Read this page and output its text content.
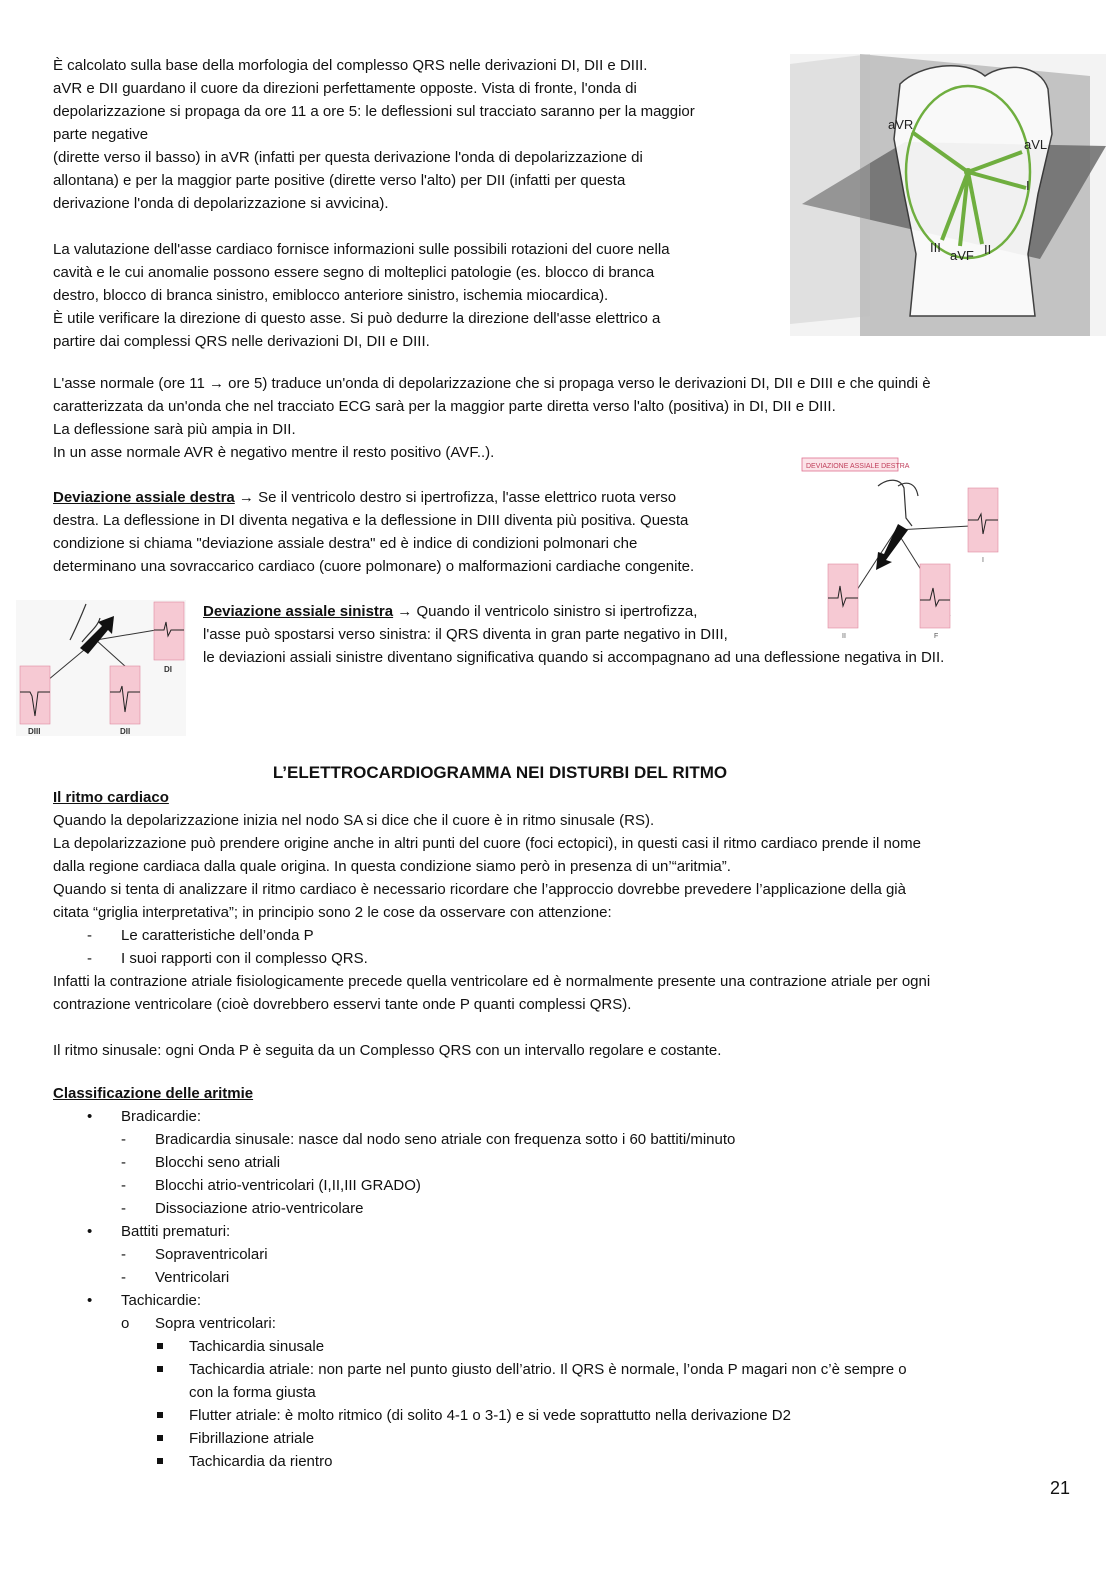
È calcolato sulla base della morfologia del complesso QRS nelle derivazioni DI, DII e DIII.

aVR e DII guardano il cuore da direzioni perfettamente opposte. Vista di fronte, l'onda di

depolarizzazione si propaga da ore 11 a ore 5: le deflessioni sul tracciato saranno per la maggior

parte negative

(dirette verso il basso) in aVR (infatti per questa derivazione l'onda di depolarizzazione di

allontana) e per la maggior parte positive (dirette verso l'alto) per DII (infatti per questa

derivazione l'onda di depolarizzazione si avvicina).

La valutazione dell'asse cardiaco fornisce informazioni sulle possibili rotazioni del cuore nella

cavità e le cui anomalie possono essere segno di molteplici patologie (es. blocco di branca

destro, blocco di branca sinistro, emiblocco anteriore sinistro, ischemia miocardica).

È utile verificare la direzione di questo asse. Si può dedurre la direzione dell'asse elettrico a

partire dai complessi QRS nelle derivazioni DI, DII e DIII.

aVR
aVL
I
III
aVF II

L'asse normale (ore 11 → ore 5) traduce un'onda di depolarizzazione che si propaga verso le derivazioni DI, DII e DIII e che quindi è

caratterizzata da un'onda che nel tracciato ECG sarà per la maggior parte diretta verso l'alto (positiva) in DI, DII e DIII.

La deflessione sarà più ampia in DII.

In un asse normale AVR è negativo mentre il resto positivo (AVF..).

Deviazione assiale destra → Se il ventricolo destro si ipertrofizza, l'asse elettrico ruota verso

destra. La deflessione in DI diventa negativa e la deflessione in DIII diventa più positiva. Questa

condizione si chiama "deviazione assiale destra" ed è indice di condizioni polmonari che

determinano una sovraccarico cardiaco (cuore polmonare) o malformazioni cardiache congenite.

DEVIAZIONE ASSIALE DESTRA
I
II	F
DI
DIII	DII

Deviazione assiale sinistra → Quando il ventricolo sinistro si ipertrofizza,

l'asse può spostarsi verso sinistra: il QRS diventa in gran parte negativo in DIII,

le deviazioni assiali sinistre diventano significativa quando si accompagnano ad una deflessione negativa in DII.

L’ELETTROCARDIOGRAMMA NEI DISTURBI DEL RITMO

Il ritmo cardiaco

Quando la depolarizzazione inizia nel nodo SA si dice che il cuore è in ritmo sinusale (RS).

La depolarizzazione può prendere origine anche in altri punti del cuore (foci ectopici), in questi casi il ritmo cardiaco prende il nome

dalla regione cardiaca dalla quale origina. In questa condizione siamo però in presenza di un’“aritmia”.

Quando si tenta di analizzare il ritmo cardiaco è necessario ricordare che l’approccio dovrebbe prevedere l’applicazione della già

citata “griglia interpretativa”; in principio sono 2 le cose da osservare con attenzione:

- Le caratteristiche dell’onda P
- I suoi rapporti con il complesso QRS.

Infatti la contrazione atriale fisiologicamente precede quella ventricolare ed è normalmente presente una contrazione atriale per ogni

contrazione ventricolare (cioè dovrebbero esservi tante onde P quanti complessi QRS).

Il ritmo sinusale: ogni Onda P è seguita da un Complesso QRS con un intervallo regolare e costante.

Classificazione delle aritmie

• Bradicardie:
- Bradicardia sinusale: nasce dal nodo seno atriale con frequenza sotto i 60 battiti/minuto
- Blocchi seno atriali
- Blocchi atrio-ventricolari (I,II,III GRADO)
- Dissociazione atrio-ventricolare
• Battiti prematuri:
- Sopraventricolari
- Ventricolari
• Tachicardie:
o Sopra ventricolari:
Tachicardia sinusale
Tachicardia atriale: non parte nel punto giusto dell’atrio. Il QRS è normale, l’onda P magari non c’è sempre o
con la forma giusta
Flutter atriale: è molto ritmico (di solito 4-1 o 3-1) e si vede soprattutto nella derivazione D2
Fibrillazione atriale
Tachicardia da rientro
21
